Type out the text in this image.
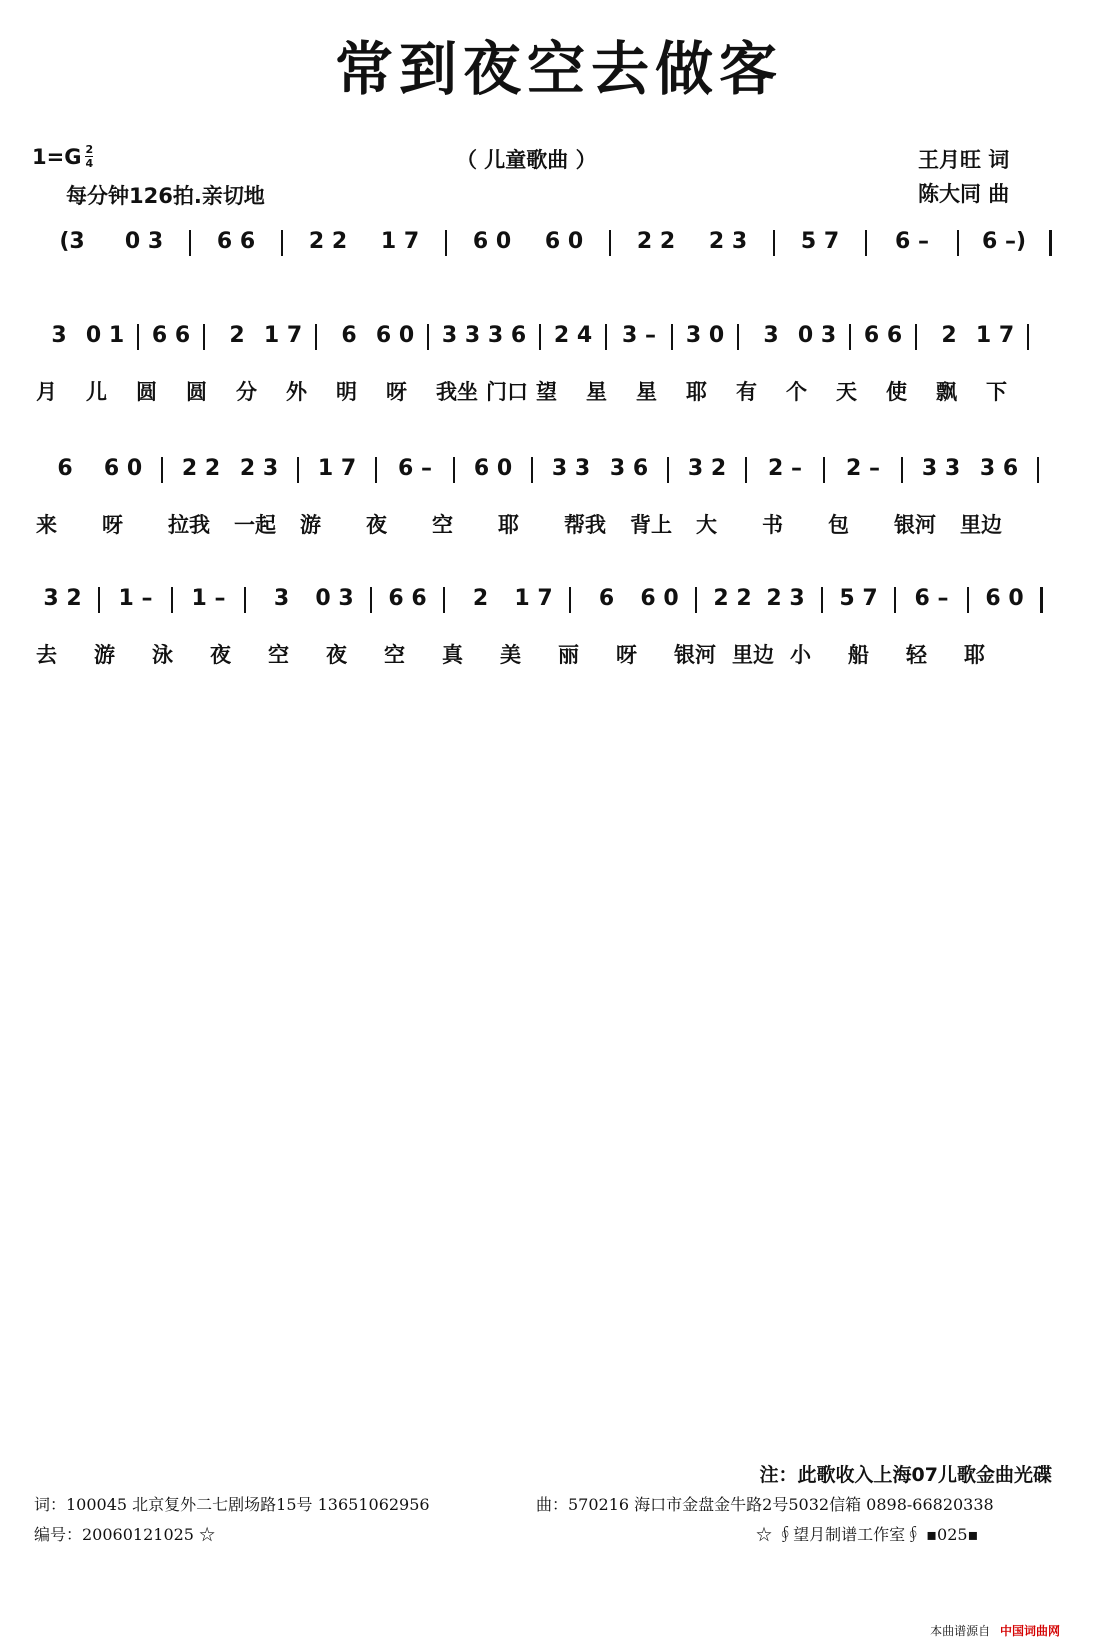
常到夜空去做客
1=G 2
4
每分钟126拍.亲切地
（ 儿童歌曲 ）	王月旺 词
陈大同 曲
(3	0 3	6 6	2 2	1 7	6 0	6 0	2 2	2 3	5 7	6 –	6 –)
3 0 1 6 6	2 1 7	6 6 0 3 3 3 6 2 4 3 – 3 0	3 0 3 6 6	2 1 7
月	儿	圆	圆	分	外	明	呀	我坐 门口 望	星	星	耶	有	个	天	使	飘	下
6	6 0	2 2 2 3	1 7	6 –	6 0	3 3 3 6	3 2	2 –	2 –	3 3 3 6
来	呀	拉我	一起	游	夜	空	耶	帮我	背上	大	书	包	银河	里边
3 2	1 –	1 –	3	0 3	6 6	2	1 7	6	6 0	2 2 2 3	5 7	6 –	6 0
去	游	泳	夜	空	夜	空	真	美	丽	呀	银河 里边 小	船	轻	耶
注：此歌收入上海07儿歌金曲光碟
词：100045 北京复外二七剧场路15号 13651062956	曲：570216 海口市金盘金牛路2号5032信箱 0898-66820338
编号：20060121025 ☆	☆ ∮望月制谱工作室∮ ▪025▪
本曲谱源自 中国词曲网
